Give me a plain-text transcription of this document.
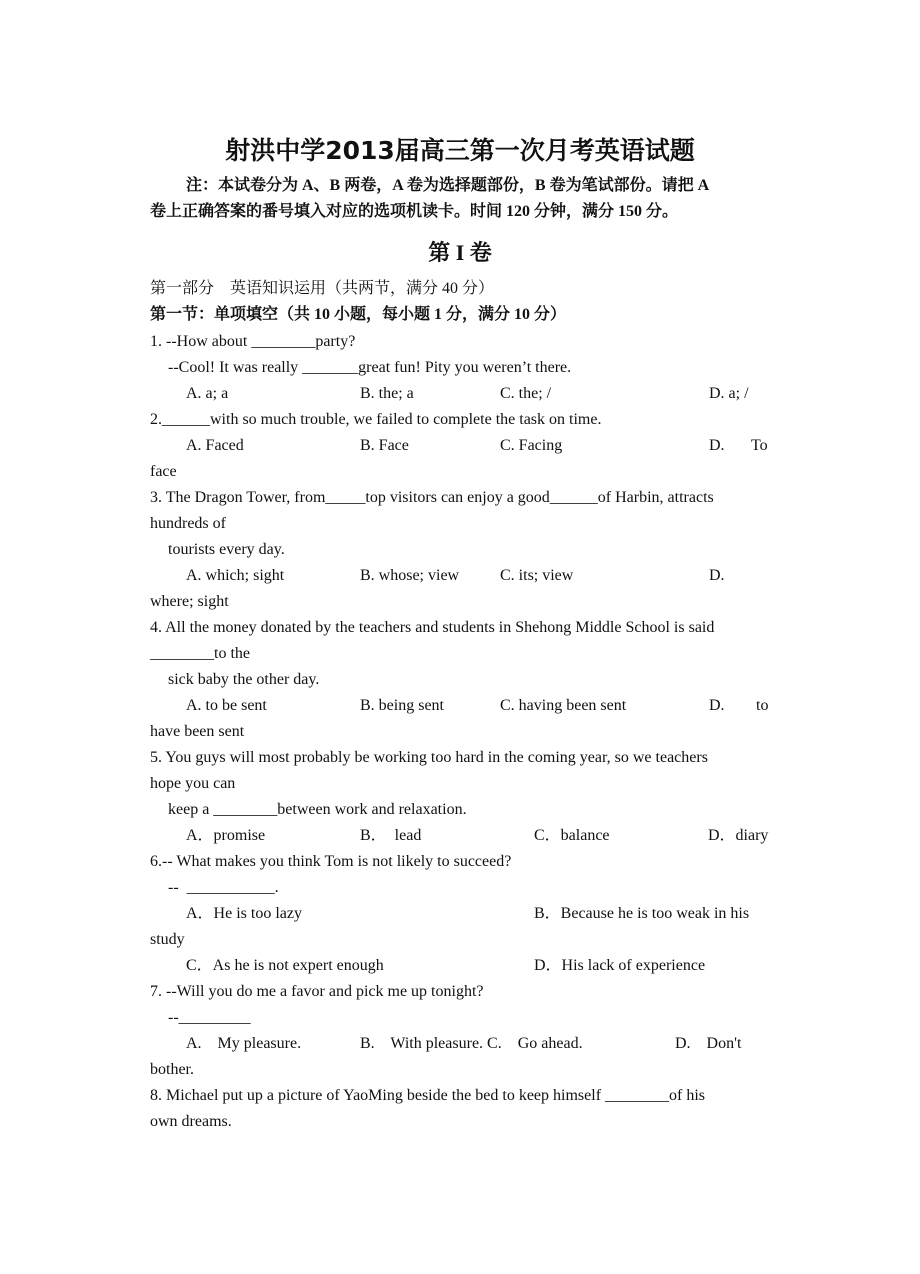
射洪中学2013届高三第一次月考英语试题
注：本试卷分为 A、B 两卷，A 卷为选择题部份，B 卷为笔试部份。请把 A
卷上正确答案的番号填入对应的选项机读卡。时间 120 分钟，满分 150 分。
第 I 卷
第一部分    英语知识运用（共两节，满分 40 分）
第一节：单项填空（共 10 小题，每小题 1 分，满分 10 分）
1. --How about ________party?
--Cool! It was really _______great fun! Pity you weren’t there.
A. a; a	B. the; a	C. the; /	D. a; /
2.______with so much trouble, we failed to complete the task on time.
A. Faced	B. Face	C. Facing	D. To
face
3. The Dragon Tower, from_____top visitors can enjoy a good______of Harbin, attracts
hundreds of
tourists every day.
A. which; sight	B. whose; view	C. its; view	D.
where; sight
4. All the money donated by the teachers and students in Shehong Middle School is said
________to the
sick baby the other day.
A. to be sent	B. being sent	C. having been sent	D. to
have been sent
5. You guys will most probably be working too hard in the coming year, so we teachers
hope you can
keep a ________between work and relaxation.
A．promise	B．  lead	C．balance	D．diary
6.-- What makes you think Tom is not likely to succeed?
--  ___________.
A．He is too lazy	B．Because he is too weak in his
study
C．As he is not expert enough	D．His lack of experience
7. --Will you do me a favor and pick me up tonight?
--_________
A.    My pleasure.	B.    With pleasure. C.    Go ahead.	D.    Don't
bother.
8. Michael put up a picture of YaoMing beside the bed to keep himself ________of his
own dreams.
